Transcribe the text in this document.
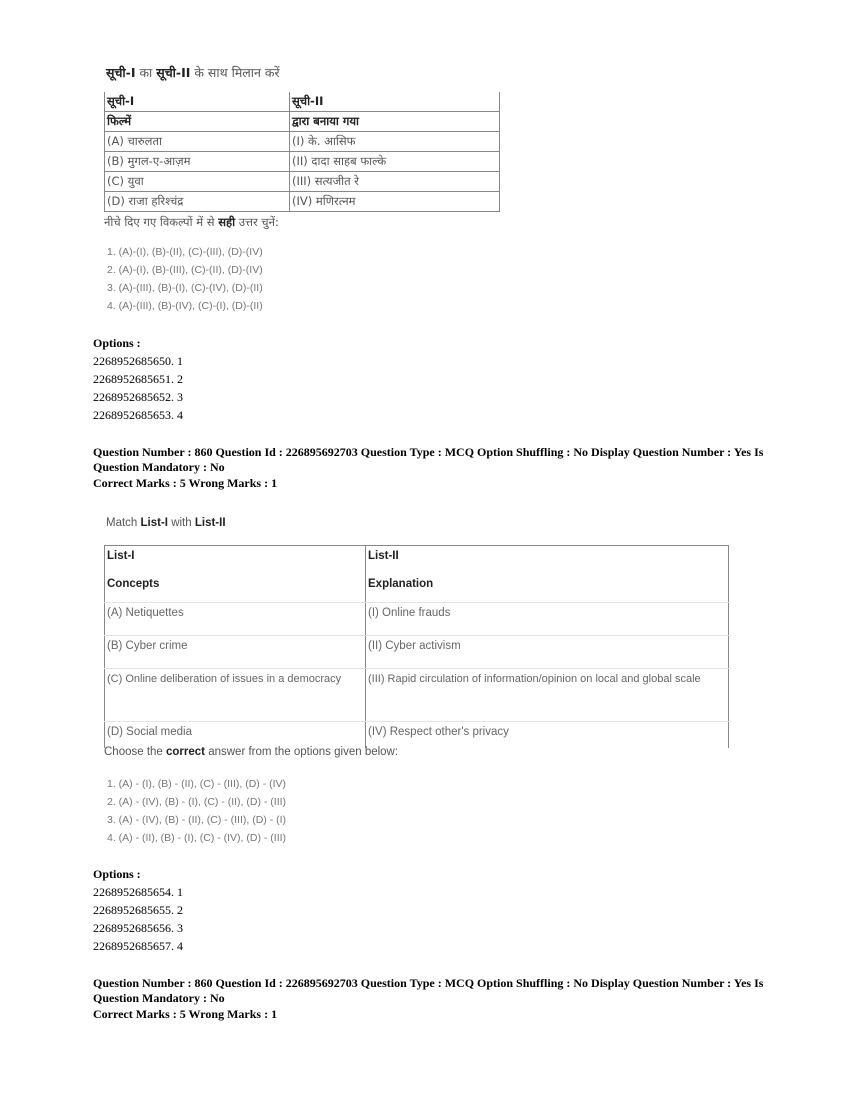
सूची-I का सूची-II के साथ मिलान करें
सूची-I	सूची-II
फिल्में	द्वारा बनाया गया
(A) चारुलता	(I) के. आसिफ
(B) मुगल-ए-आज़म	(II) दादा साहब फाल्के
(C) युवा	(III) सत्यजीत रे
(D) राजा हरिश्चंद्र	(IV) मणिरत्नम
नीचे दिए गए विकल्पों में से सही उत्तर चुनें:
1. (A)-(I), (B)-(II), (C)-(III), (D)-(IV)
2. (A)-(I), (B)-(III), (C)-(II), (D)-(IV)
3. (A)-(III), (B)-(I), (C)-(IV), (D)-(II)
4. (A)-(III), (B)-(IV), (C)-(I), (D)-(II)
Options :
2268952685650. 1
2268952685651. 2
2268952685652. 3
2268952685653. 4
Question Number : 860 Question Id : 226895692703 Question Type : MCQ Option Shuffling : No Display Question Number : Yes Is
Question Mandatory : No
Correct Marks : 5 Wrong Marks : 1
Match List-I with List-II
List-I	List-II
Concepts	Explanation
(A) Netiquettes	(I) Online frauds
(B) Cyber crime	(II) Cyber activism
(C) Online deliberation of issues in a democracy	(III) Rapid circulation of information/opinion on local and global scale
(D) Social media	(IV) Respect other's privacy
Choose the correct answer from the options given below:
1. (A) - (I), (B) - (II), (C) - (III), (D) - (IV)
2. (A) - (IV), (B) - (I), (C) - (II), (D) - (III)
3. (A) - (IV), (B) - (II), (C) - (III), (D) - (I)
4. (A) - (II), (B) - (I), (C) - (IV), (D) - (III)
Options :
2268952685654. 1
2268952685655. 2
2268952685656. 3
2268952685657. 4
Question Number : 860 Question Id : 226895692703 Question Type : MCQ Option Shuffling : No Display Question Number : Yes Is
Question Mandatory : No
Correct Marks : 5 Wrong Marks : 1
